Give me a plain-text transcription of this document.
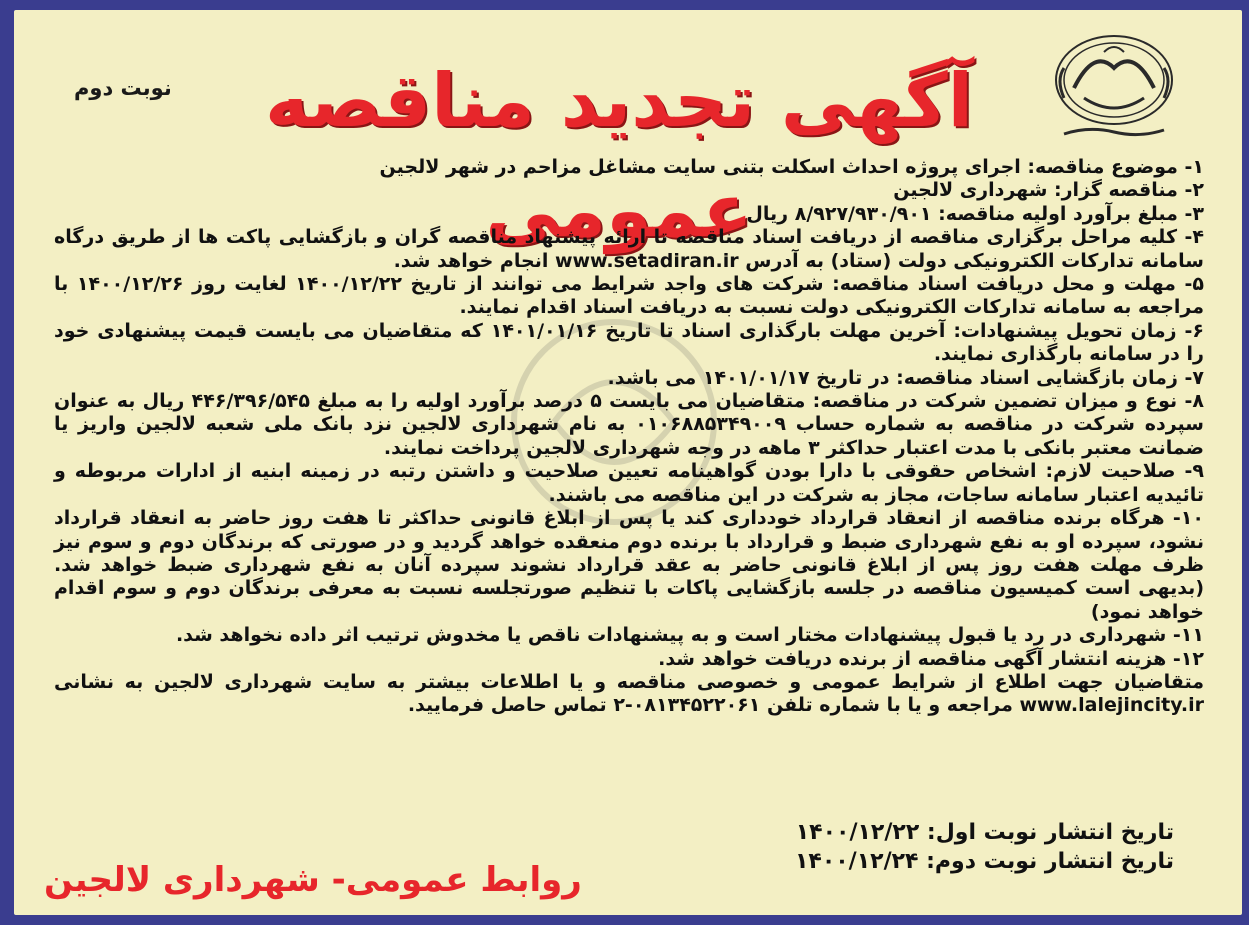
نوبت دوم	آگهی تجدید مناقصه عمومی

۱- موضوع مناقصه: اجرای پروژه احداث اسکلت بتنی سایت مشاغل مزاحم در شهر لالجین

۲- مناقصه گزار: شهرداری لالجین

۳- مبلغ برآورد اولیه مناقصه: ۸/۹۲۷/۹۳۰/۹۰۱ ریال

۴- کلیه مراحل برگزاری مناقصه از دریافت اسناد مناقصه تا ارائه پیشنهاد مناقصه گران و بازگشایی پاکت ها از طریق درگاه سامانه تدارکات الکترونیکی دولت (ستاد) به آدرس www.setadiran.ir انجام خواهد شد.

۵- مهلت و محل دریافت اسناد مناقصه: شرکت های واجد شرایط می توانند از تاریخ ۱۴۰۰/۱۲/۲۲ لغایت روز ۱۴۰۰/۱۲/۲۶ با مراجعه به سامانه تدارکات الکترونیکی دولت نسبت به دریافت اسناد اقدام نمایند.

۶- زمان تحویل پیشنهادات: آخرین مهلت بارگذاری اسناد تا تاریخ ۱۴۰۱/۰۱/۱۶ که متقاضیان می بایست قیمت پیشنهادی خود را در سامانه بارگذاری نمایند.

۷- زمان بازگشایی اسناد مناقصه: در تاریخ ۱۴۰۱/۰۱/۱۷ می باشد.

۸- نوع و میزان تضمین شرکت در مناقصه: متقاضیان می بایست ۵ درصد برآورد اولیه را به مبلغ ۴۴۶/۳۹۶/۵۴۵ ریال به عنوان سپرده شرکت در مناقصه به شماره حساب ۰۱۰۶۸۸۵۳۴۹۰۰۹ به نام شهرداری لالجین نزد بانک ملی شعبه لالجین واریز یا ضمانت معتبر بانکی با مدت اعتبار حداکثر ۳ ماهه در وجه شهرداری لالجین پرداخت نمایند.

۹- صلاحیت لازم: اشخاص حقوقی با دارا بودن گواهینامه تعیین صلاحیت و داشتن رتبه در زمینه ابنیه از ادارات مربوطه و تائیدیه اعتبار سامانه ساجات، مجاز به شرکت در این مناقصه می باشند.

۱۰- هرگاه برنده مناقصه از انعقاد قرارداد خودداری کند یا پس از ابلاغ قانونی حداکثر تا هفت روز حاضر به انعقاد قرارداد نشود، سپرده او به نفع شهرداری ضبط و قرارداد با برنده دوم منعقده خواهد گردید و در صورتی که برندگان دوم و سوم نیز ظرف مهلت هفت روز پس از ابلاغ قانونی حاضر به عقد قرارداد نشوند سپرده آنان به نفع شهرداری ضبط خواهد شد. (بدیهی است کمیسیون مناقصه در جلسه بازگشایی پاکات با تنظیم صورتجلسه نسبت به معرفی برندگان دوم و سوم اقدام خواهد نمود)

۱۱- شهرداری در رد یا قبول پیشنهادات مختار است و به پیشنهادات ناقص یا مخدوش ترتیب اثر داده نخواهد شد.

۱۲- هزینه انتشار آگهی مناقصه از برنده دریافت خواهد شد.

متقاضیان جهت اطلاع از شرایط عمومی و خصوصی مناقصه و یا اطلاعات بیشتر به سایت شهرداری لالجین به نشانی www.lalejincity.ir مراجعه و یا با شماره تلفن ۰۸۱۳۴۵۲۲۰۶۱-۲ تماس حاصل فرمایید.

تاریخ انتشار نوبت اول: ۱۴۰۰/۱۲/۲۲
تاریخ انتشار نوبت دوم: ۱۴۰۰/۱۲/۲۴
روابط عمومی- شهرداری لالجین
